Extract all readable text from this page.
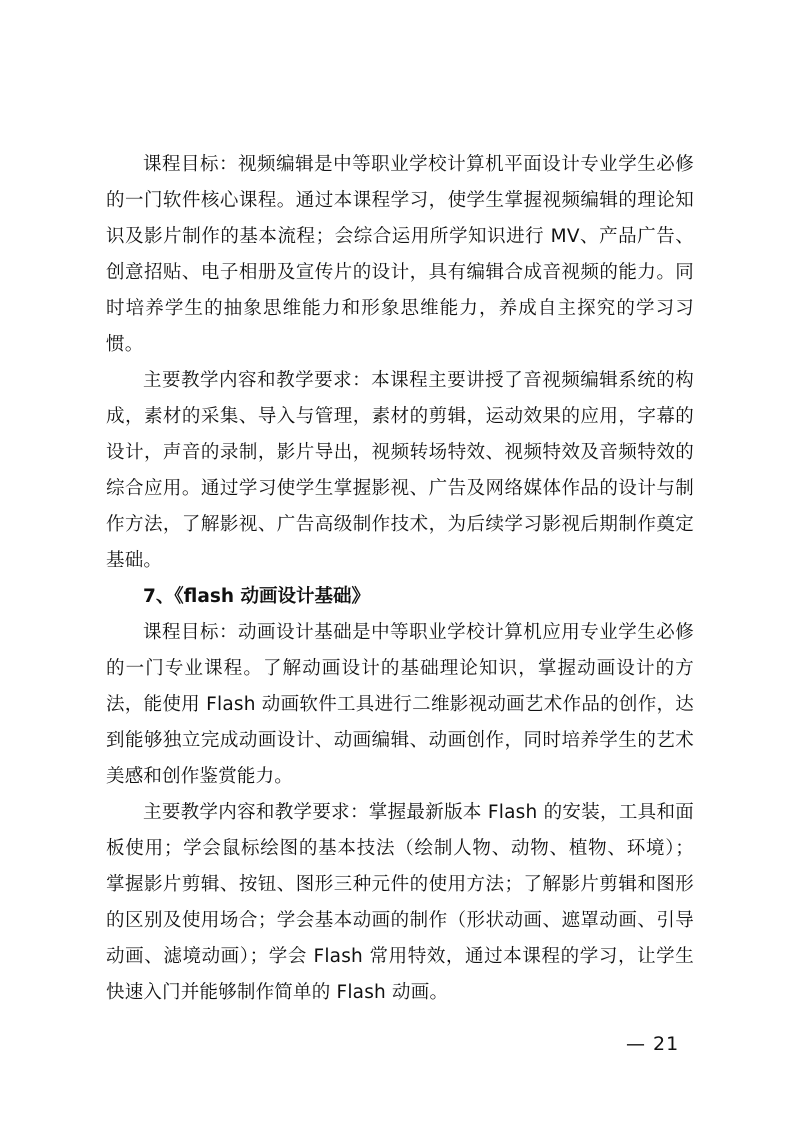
课程目标：视频编辑是中等职业学校计算机平面设计专业学生必修的一门软件核心课程。通过本课程学习，使学生掌握视频编辑的理论知识及影片制作的基本流程；会综合运用所学知识进行 MV、产品广告、创意招贴、电子相册及宣传片的设计，具有编辑合成音视频的能力。同时培养学生的抽象思维能力和形象思维能力，养成自主探究的学习习惯。

主要教学内容和教学要求：本课程主要讲授了音视频编辑系统的构成，素材的采集、导入与管理，素材的剪辑，运动效果的应用，字幕的设计，声音的录制，影片导出，视频转场特效、视频特效及音频特效的综合应用。通过学习使学生掌握影视、广告及网络媒体作品的设计与制作方法，了解影视、广告高级制作技术，为后续学习影视后期制作奠定基础。

7、《flash 动画设计基础》

课程目标：动画设计基础是中等职业学校计算机应用专业学生必修的一门专业课程。了解动画设计的基础理论知识，掌握动画设计的方法，能使用 Flash 动画软件工具进行二维影视动画艺术作品的创作，达到能够独立完成动画设计、动画编辑、动画创作，同时培养学生的艺术美感和创作鉴赏能力。

主要教学内容和教学要求：掌握最新版本 Flash 的安装，工具和面板使用；学会鼠标绘图的基本技法（绘制人物、动物、植物、环境）；掌握影片剪辑、按钮、图形三种元件的使用方法；了解影片剪辑和图形的区别及使用场合；学会基本动画的制作（形状动画、遮罩动画、引导动画、滤境动画）；学会 Flash 常用特效，通过本课程的学习，让学生快速入门并能够制作简单的 Flash 动画。

— 21
